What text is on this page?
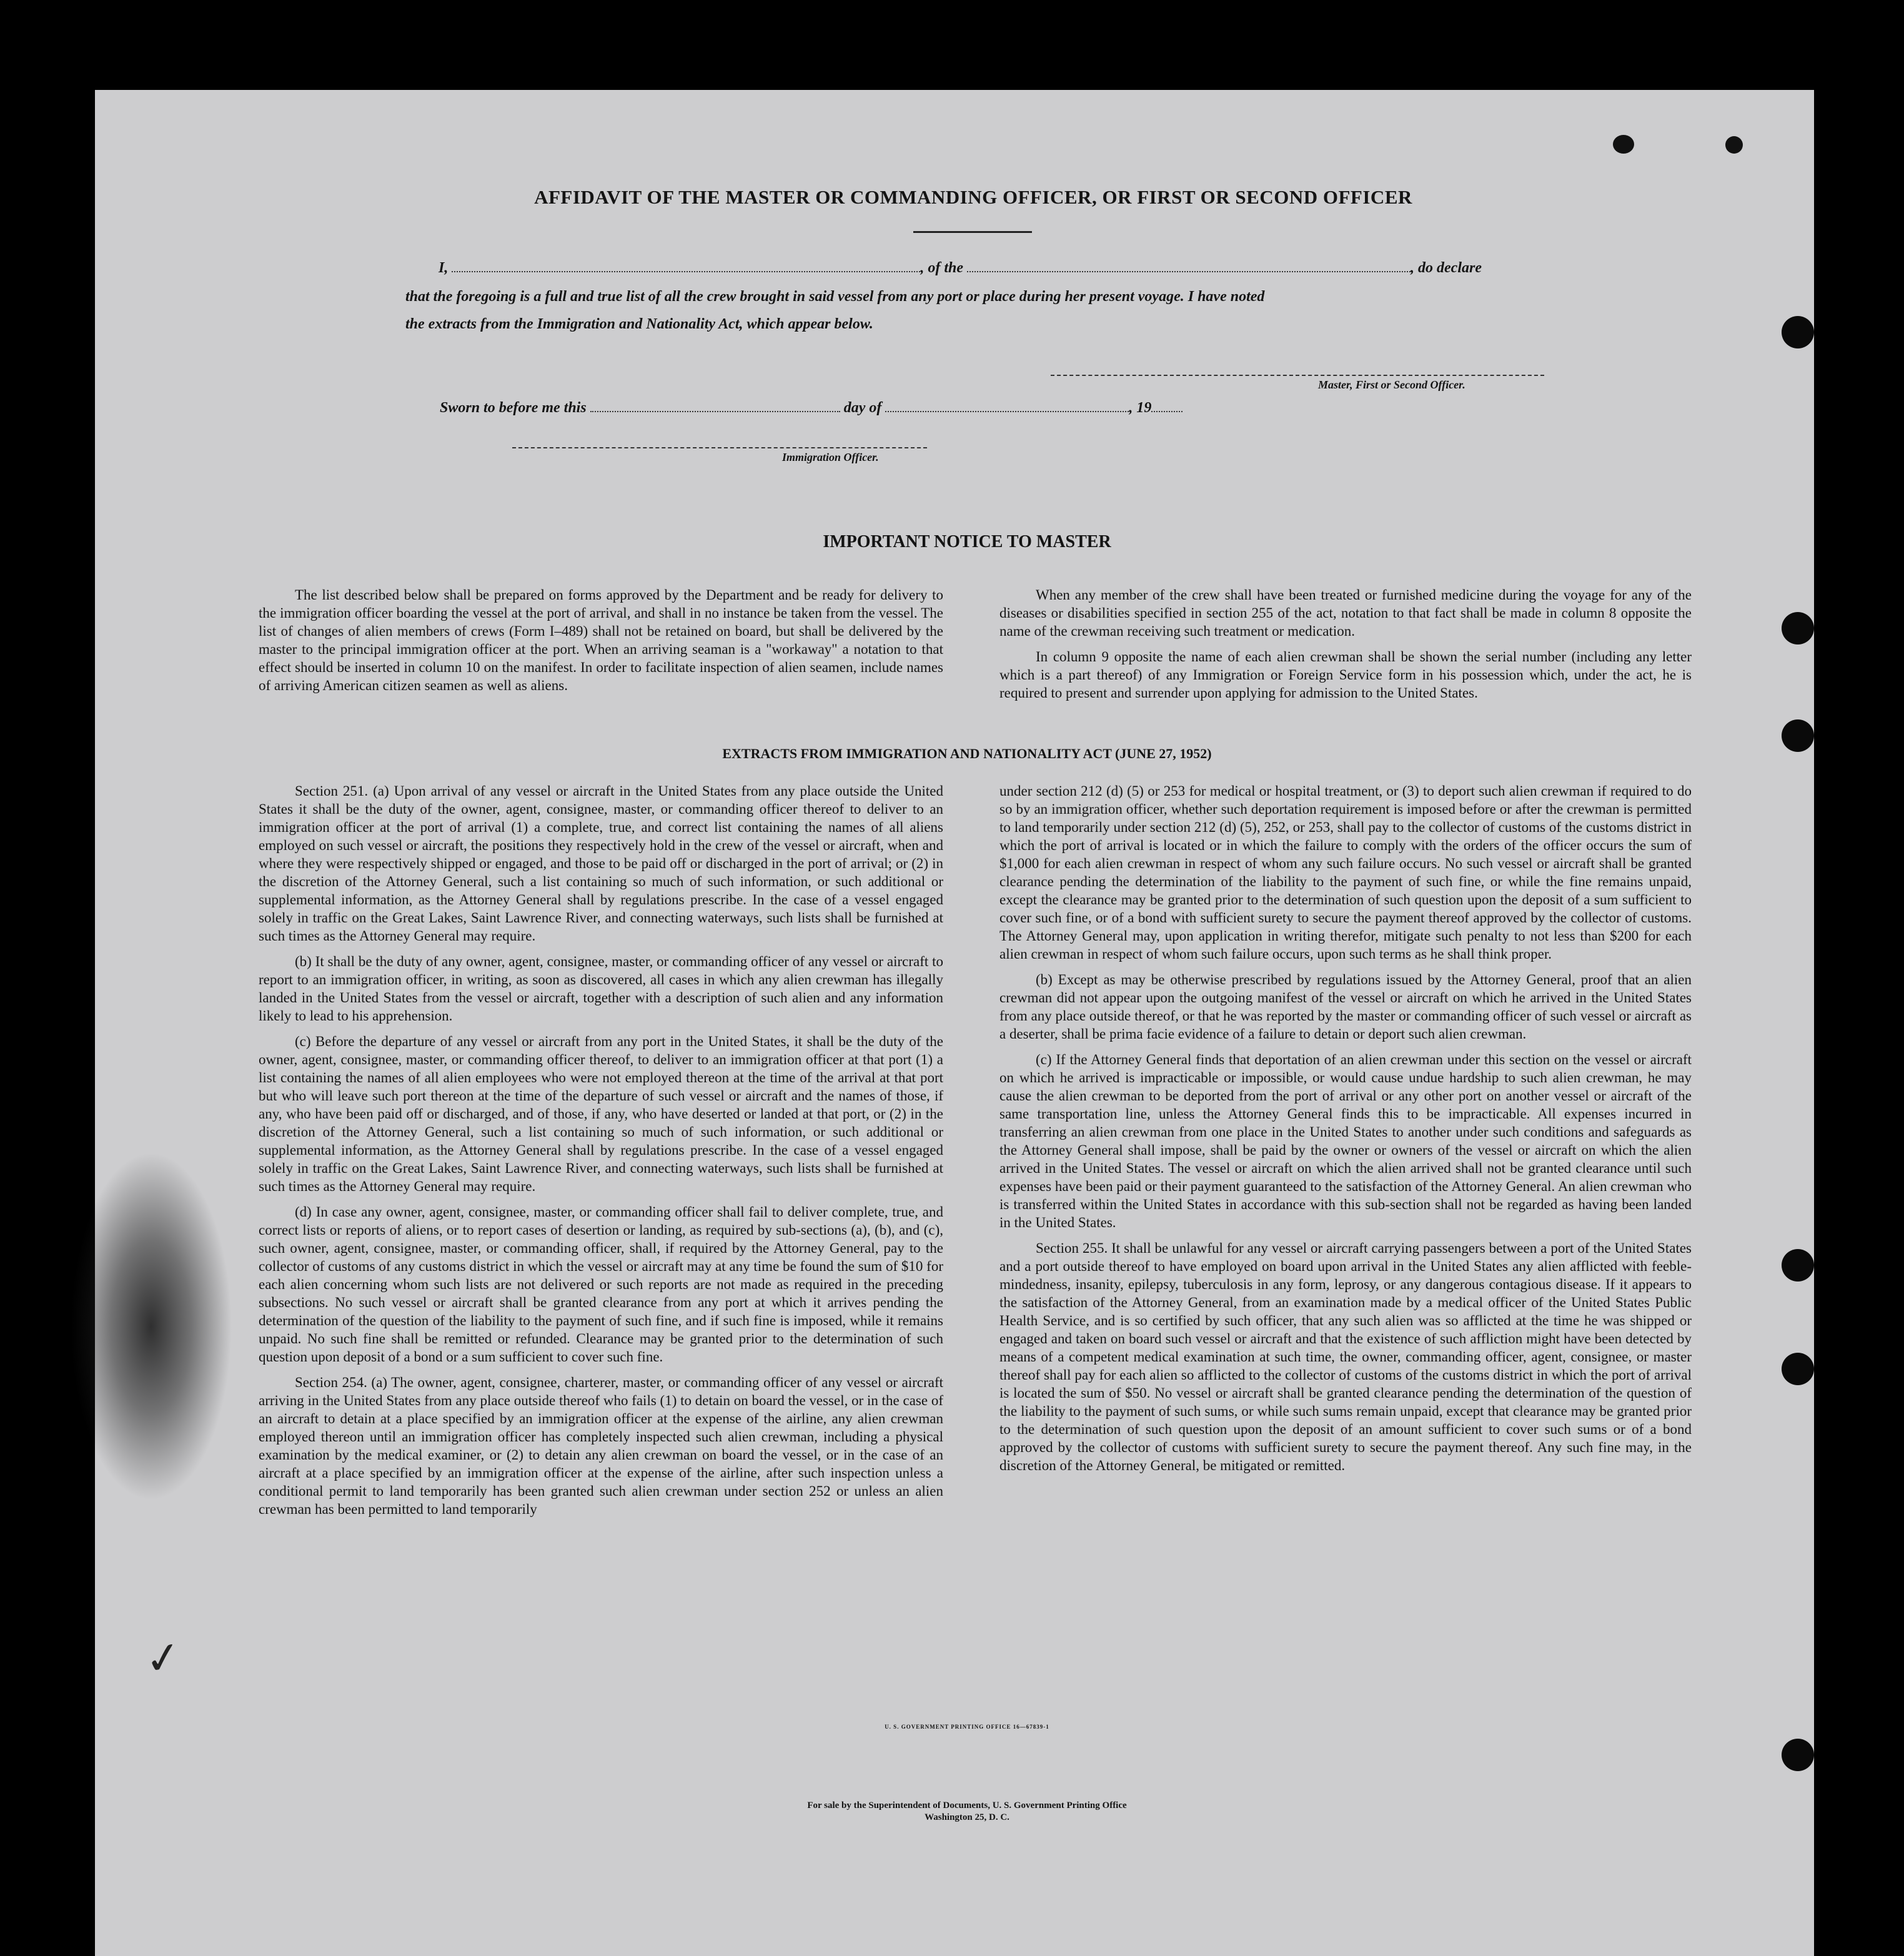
AFFIDAVIT OF THE MASTER OR COMMANDING OFFICER, OR FIRST OR SECOND OFFICER
I,	, of the	, do declare
that the foregoing is a full and true list of all the crew brought in said vessel from any port or place during her present voyage. I have noted
the extracts from the Immigration and Nationality Act, which appear below.
Master, First or Second Officer.
Sworn to before me this	day of	, 19
Immigration Officer.
IMPORTANT NOTICE TO MASTER

The list described below shall be prepared on forms approved by the Department and be ready for delivery to the immigration officer boarding the vessel at the port of arrival, and shall in no instance be taken from the vessel. The list of changes of alien members of crews (Form I–489) shall not be retained on board, but shall be delivered by the master to the principal immigration officer at the port. When an arriving seaman is a "workaway" a notation to that effect should be inserted in column 10 on the manifest. In order to facilitate inspection of alien seamen, include names of arriving American citizen seamen as well as aliens.

When any member of the crew shall have been treated or furnished medicine during the voyage for any of the diseases or disabilities specified in section 255 of the act, notation to that fact shall be made in column 8 opposite the name of the crewman receiving such treatment or medication.

In column 9 opposite the name of each alien crewman shall be shown the serial number (including any letter which is a part thereof) of any Immigration or Foreign Service form in his possession which, under the act, he is required to present and surrender upon applying for admission to the United States.

EXTRACTS FROM IMMIGRATION AND NATIONALITY ACT (JUNE 27, 1952)

Section 251. (a) Upon arrival of any vessel or aircraft in the United States from any place outside the United States it shall be the duty of the owner, agent, consignee, master, or commanding officer thereof to deliver to an immigration officer at the port of arrival (1) a complete, true, and correct list containing the names of all aliens employed on such vessel or aircraft, the positions they respectively hold in the crew of the vessel or aircraft, when and where they were respectively shipped or engaged, and those to be paid off or discharged in the port of arrival; or (2) in the discretion of the Attorney General, such a list containing so much of such information, or such additional or supplemental information, as the Attorney General shall by regulations prescribe. In the case of a vessel engaged solely in traffic on the Great Lakes, Saint Lawrence River, and connecting waterways, such lists shall be furnished at such times as the Attorney General may require.

(b) It shall be the duty of any owner, agent, consignee, master, or commanding officer of any vessel or aircraft to report to an immigration officer, in writing, as soon as discovered, all cases in which any alien crewman has illegally landed in the United States from the vessel or aircraft, together with a description of such alien and any information likely to lead to his apprehension.

(c) Before the departure of any vessel or aircraft from any port in the United States, it shall be the duty of the owner, agent, consignee, master, or commanding officer thereof, to deliver to an immigration officer at that port (1) a list containing the names of all alien employees who were not employed thereon at the time of the arrival at that port but who will leave such port thereon at the time of the departure of such vessel or aircraft and the names of those, if any, who have been paid off or discharged, and of those, if any, who have deserted or landed at that port, or (2) in the discretion of the Attorney General, such a list containing so much of such information, or such additional or supplemental information, as the Attorney General shall by regulations prescribe. In the case of a vessel engaged solely in traffic on the Great Lakes, Saint Lawrence River, and connecting waterways, such lists shall be furnished at such times as the Attorney General may require.

(d) In case any owner, agent, consignee, master, or commanding officer shall fail to deliver complete, true, and correct lists or reports of aliens, or to report cases of desertion or landing, as required by sub-sections (a), (b), and (c), such owner, agent, consignee, master, or commanding officer, shall, if required by the Attorney General, pay to the collector of customs of any customs district in which the vessel or aircraft may at any time be found the sum of $10 for each alien concerning whom such lists are not delivered or such reports are not made as required in the preceding subsections. No such vessel or aircraft shall be granted clearance from any port at which it arrives pending the determination of the question of the liability to the payment of such fine, and if such fine is imposed, while it remains unpaid. No such fine shall be remitted or refunded. Clearance may be granted prior to the determination of such question upon deposit of a bond or a sum sufficient to cover such fine.

Section 254. (a) The owner, agent, consignee, charterer, master, or commanding officer of any vessel or aircraft arriving in the United States from any place outside thereof who fails (1) to detain on board the vessel, or in the case of an aircraft to detain at a place specified by an immigration officer at the expense of the airline, any alien crewman employed thereon until an immigration officer has completely inspected such alien crewman, including a physical examination by the medical examiner, or (2) to detain any alien crewman on board the vessel, or in the case of an aircraft at a place specified by an immigration officer at the expense of the airline, after such inspection unless a conditional permit to land temporarily has been granted such alien crewman under section 252 or unless an alien crewman has been permitted to land temporarily

under section 212 (d) (5) or 253 for medical or hospital treatment, or (3) to deport such alien crewman if required to do so by an immigration officer, whether such deportation requirement is imposed before or after the crewman is permitted to land temporarily under section 212 (d) (5), 252, or 253, shall pay to the collector of customs of the customs district in which the port of arrival is located or in which the failure to comply with the orders of the officer occurs the sum of $1,000 for each alien crewman in respect of whom any such failure occurs. No such vessel or aircraft shall be granted clearance pending the determination of the liability to the payment of such fine, or while the fine remains unpaid, except the clearance may be granted prior to the determination of such question upon the deposit of a sum sufficient to cover such fine, or of a bond with sufficient surety to secure the payment thereof approved by the collector of customs. The Attorney General may, upon application in writing therefor, mitigate such penalty to not less than $200 for each alien crewman in respect of whom such failure occurs, upon such terms as he shall think proper.

(b) Except as may be otherwise prescribed by regulations issued by the Attorney General, proof that an alien crewman did not appear upon the outgoing manifest of the vessel or aircraft on which he arrived in the United States from any place outside thereof, or that he was reported by the master or commanding officer of such vessel or aircraft as a deserter, shall be prima facie evidence of a failure to detain or deport such alien crewman.

(c) If the Attorney General finds that deportation of an alien crewman under this section on the vessel or aircraft on which he arrived is impracticable or impossible, or would cause undue hardship to such alien crewman, he may cause the alien crewman to be deported from the port of arrival or any other port on another vessel or aircraft of the same transportation line, unless the Attorney General finds this to be impracticable. All expenses incurred in transferring an alien crewman from one place in the United States to another under such conditions and safeguards as the Attorney General shall impose, shall be paid by the owner or owners of the vessel or aircraft on which the alien arrived in the United States. The vessel or aircraft on which the alien arrived shall not be granted clearance until such expenses have been paid or their payment guaranteed to the satisfaction of the Attorney General. An alien crewman who is transferred within the United States in accordance with this sub-section shall not be regarded as having been landed in the United States.

Section 255. It shall be unlawful for any vessel or aircraft carrying passengers between a port of the United States and a port outside thereof to have employed on board upon arrival in the United States any alien afflicted with feeble-mindedness, insanity, epilepsy, tuberculosis in any form, leprosy, or any dangerous contagious disease. If it appears to the satisfaction of the Attorney General, from an examination made by a medical officer of the United States Public Health Service, and is so certified by such officer, that any such alien was so afflicted at the time he was shipped or engaged and taken on board such vessel or aircraft and that the existence of such affliction might have been detected by means of a competent medical examination at such time, the owner, commanding officer, agent, consignee, or master thereof shall pay for each alien so afflicted to the collector of customs of the customs district in which the port of arrival is located the sum of $50. No vessel or aircraft shall be granted clearance pending the determination of the question of the liability to the payment of such sums, or while such sums remain unpaid, except that clearance may be granted prior to the determination of such question upon the deposit of an amount sufficient to cover such sums or of a bond approved by the collector of customs with sufficient surety to secure the payment thereof. Any such fine may, in the discretion of the Attorney General, be mitigated or remitted.

✓
U. S. GOVERNMENT PRINTING OFFICE 16—67839-1
For sale by the Superintendent of Documents, U. S. Government Printing Office
Washington 25, D. C.
